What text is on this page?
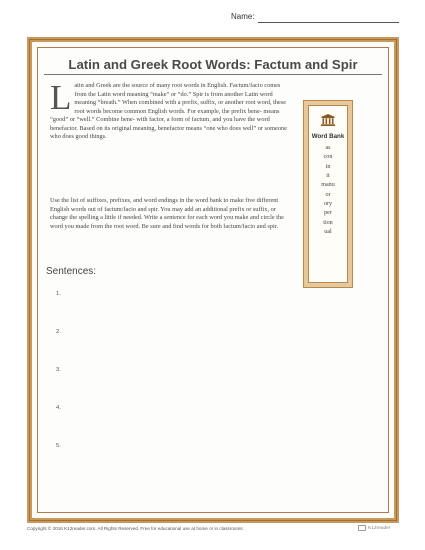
Name:
Latin and Greek Root Words: Factum and Spir

Latin and Greek are the source of many root words in English. Factum/facio comes from the Latin word meaning “make” or “do.” Spir is from another Latin word meaning “breath.” When combined with a prefix, suffix, or another root word, these root words become common English words. For example, the prefix bene- means “good” or “well.” Combine bene- with factor, a form of factum, and you have the word benefactor. Based on its original meaning, benefactor means “one who does well” or someone who does good things.

Use the list of suffixes, prefixes, and word endings in the word bank to make five different English words out of factum/facio and spir. You may add an additional prefix or suffix, or change the spelling a little if needed. Write a sentence for each word you make and circle the word you made from the root word. Be sure and find words for both factum/facio and spir.

Word Bank
as
con
in
it
manu
or
ory
per
tion
ual
Sentences:
1.
2.
3.
4.
5.
Copyright © 2016 K12reader.com. All Rights Reserved. Free for educational use at home or in classrooms.	K12reader
